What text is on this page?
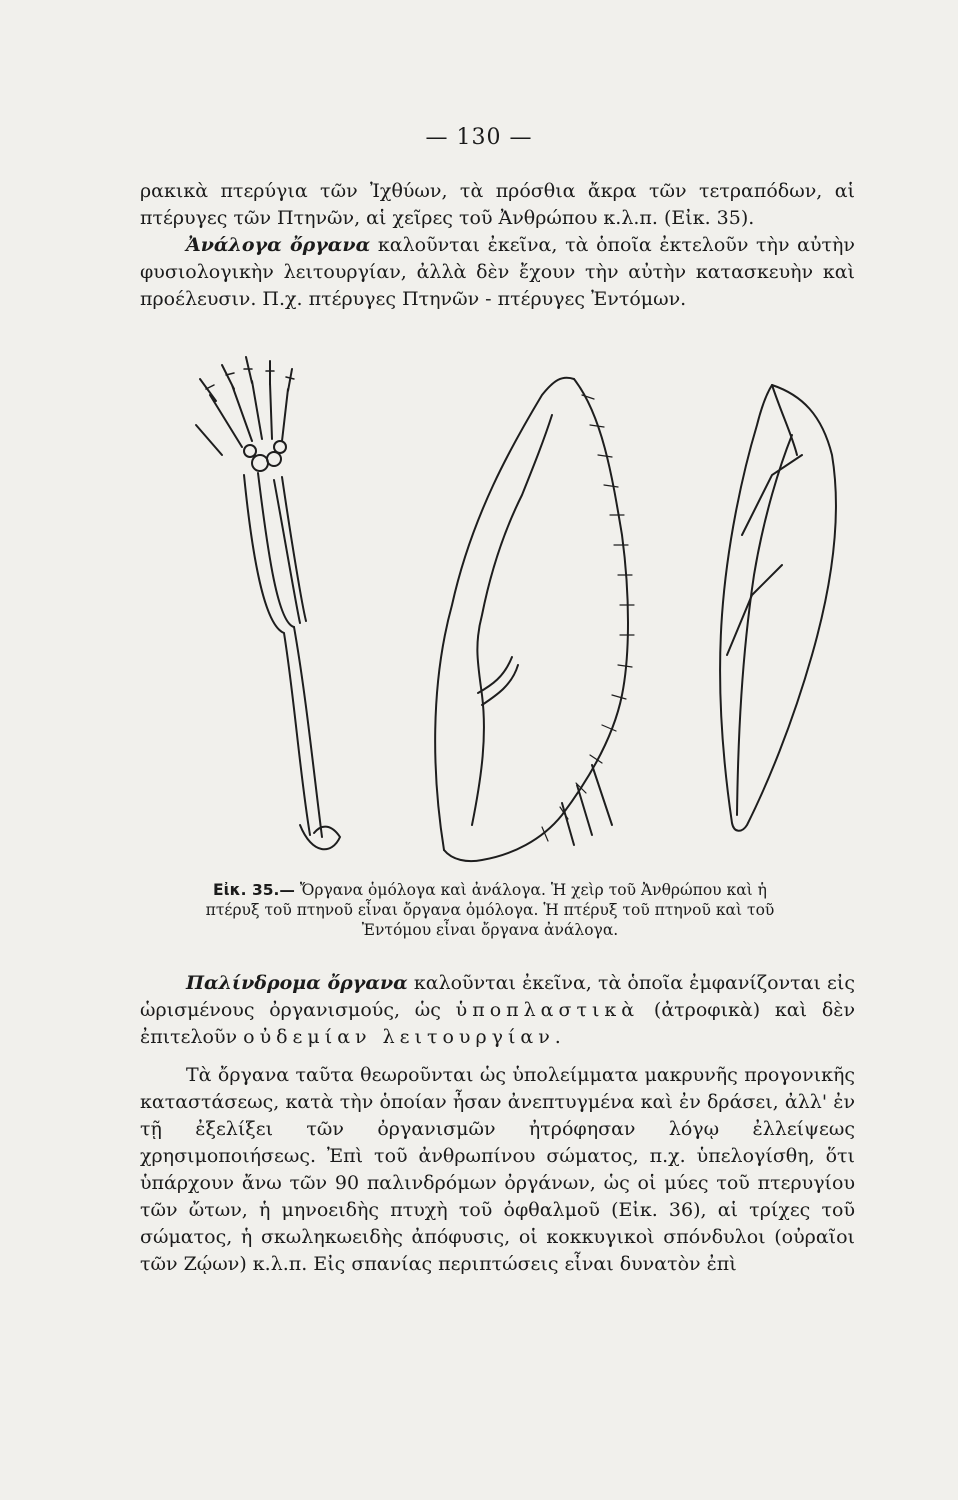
— 130 —

ρακικὰ πτερύγια τῶν Ἰχθύων, τὰ πρόσθια ἄκρα τῶν τετραπόδων, αἱ πτέρυγες τῶν Πτηνῶν, αἱ χεῖρες τοῦ Ἀνθρώπου κ.λ.π. (Εἰκ. 35).

Ἀνάλογα ὄργανα καλοῦνται ἐκεῖνα, τὰ ὁποῖα ἐκτελοῦν τὴν αὐτὴν φυσιολογικὴν λειτουργίαν, ἀλλὰ δὲν ἔχουν τὴν αὐτὴν κατασκευὴν καὶ προέλευσιν. Π.χ. πτέρυγες Πτηνῶν - πτέρυγες Ἐντόμων.

Εἰκ. 35.— Ὄργανα ὁμόλογα καὶ ἀνάλογα. Ἡ χεὶρ τοῦ Ἀνθρώπου καὶ ἡ πτέρυξ τοῦ πτηνοῦ εἶναι ὄργανα ὁμόλογα. Ἡ πτέρυξ τοῦ πτηνοῦ καὶ τοῦ Ἐντόμου εἶναι ὄργανα ἀνάλογα.

Παλίνδρομα ὄργανα καλοῦνται ἐκεῖνα, τὰ ὁποῖα ἐμφανίζονται εἰς ὡρισμένους ὀργανισμούς, ὡς ὑποπλαστικὰ (ἀτροφικὰ) καὶ δὲν ἐπιτελοῦν οὐδεμίαν λειτουργίαν.

Τὰ ὄργανα ταῦτα θεωροῦνται ὡς ὑπολείμματα μακρυνῆς προγονικῆς καταστάσεως, κατὰ τὴν ὁποίαν ἦσαν ἀνεπτυγμένα καὶ ἐν δράσει, ἀλλ' ἐν τῇ ἐξελίξει τῶν ὀργανισμῶν ἠτρόφησαν λόγῳ ἐλλείψεως χρησιμοποιήσεως. Ἐπὶ τοῦ ἀνθρωπίνου σώματος, π.χ. ὑπελογίσθη, ὅτι ὑπάρχουν ἄνω τῶν 90 παλινδρόμων ὀργάνων, ὡς οἱ μύες τοῦ πτερυγίου τῶν ὤτων, ἡ μηνοειδὴς πτυχὴ τοῦ ὀφθαλμοῦ (Εἰκ. 36), αἱ τρίχες τοῦ σώματος, ἡ σκωληκωειδὴς ἀπόφυσις, οἱ κοκκυγικοὶ σπόνδυλοι (οὐραῖοι τῶν Ζῴων) κ.λ.π. Εἰς σπανίας περιπτώσεις εἶναι δυνατὸν ἐπὶ
